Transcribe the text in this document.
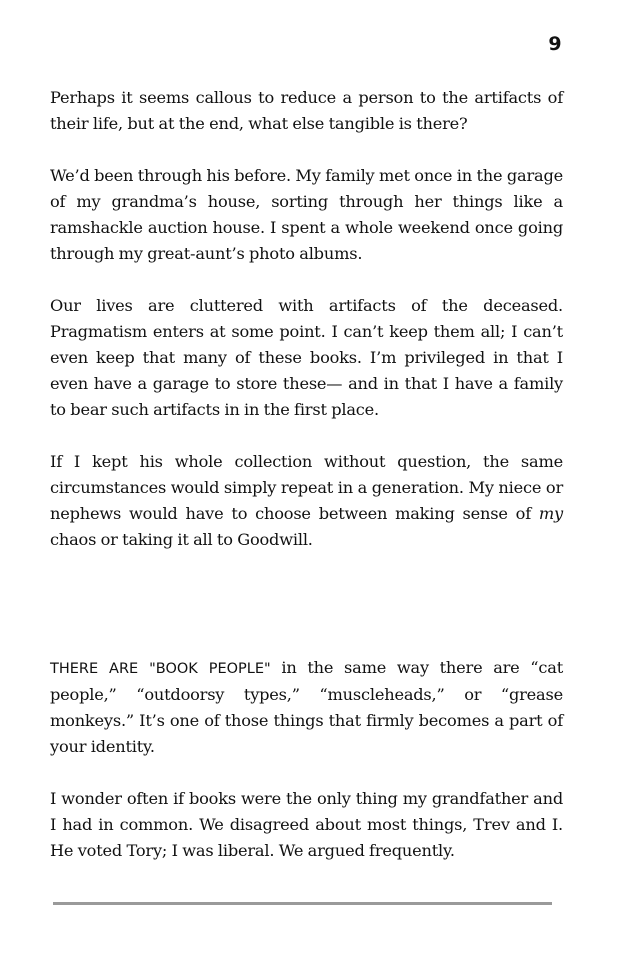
9

Perhaps it seems callous to reduce a person to the artifacts of their life, but at the end, what else tangible is there?

We’d been through his before. My family met once in the garage of my grandma’s house, sorting through her things like a ramshackle auction house. I spent a whole weekend once going through my great-aunt’s photo albums.

Our lives are cluttered with artifacts of the deceased. Pragmatism enters at some point. I can’t keep them all; I can’t even keep that many of these books. I’m privileged in that I even have a garage to store these— and in that I have a family to bear such artifacts in in the first place.

If I kept his whole collection without question, the same circumstances would simply repeat in a generation. My niece or nephews would have to choose between making sense of my chaos or taking it all to Goodwill.

THERE ARE "BOOK PEOPLE" in the same way there are “cat people,” “outdoorsy types,” “muscleheads,” or “grease monkeys.” It’s one of those things that firmly becomes a part of your identity.

I wonder often if books were the only thing my grandfather and I had in common. We disagreed about most things, Trev and I. He voted Tory; I was liberal. We argued frequently.
